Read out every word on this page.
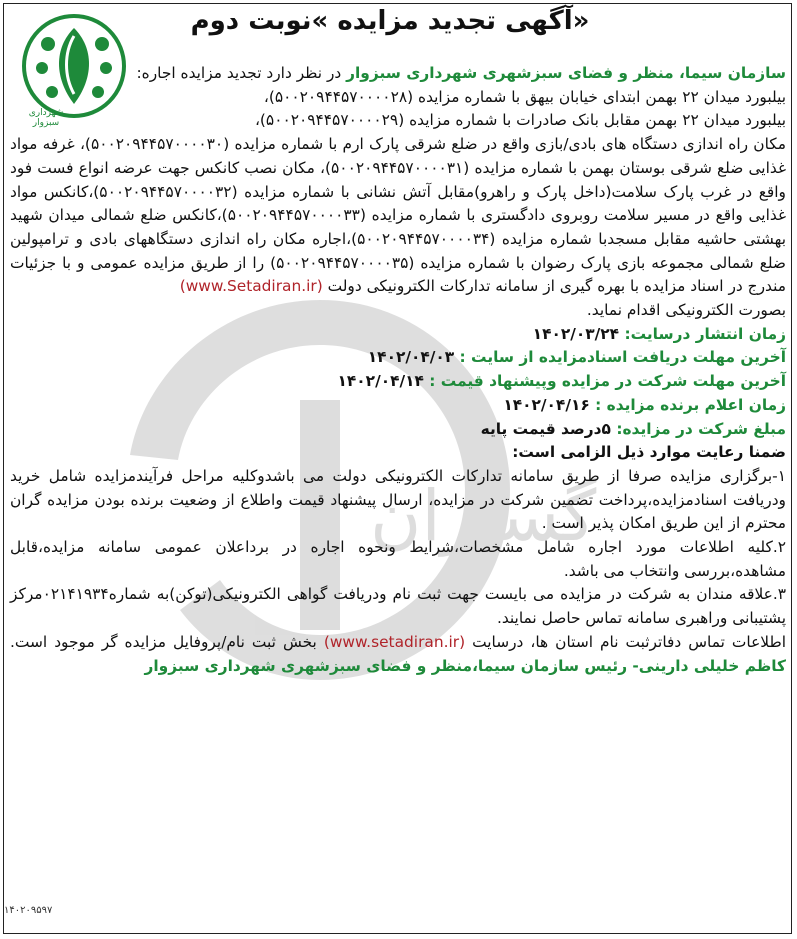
گستران
شهرداری سبزوار
«آگهی تجدید مزایده »نوبت دوم

سازمان سیما، منظر و فضای سبزشهری شهرداری سبزوار در نظر دارد تجدید مزایده اجاره:

بیلبورد میدان ۲۲ بهمن ابتدای خیابان بیهق با شماره مزایده (۵۰۰۲۰۹۴۴۵۷۰۰۰۰۲۸)،

بیلبورد میدان ۲۲ بهمن مقابل بانک صادرات با شماره مزایده (۵۰۰۲۰۹۴۴۵۷۰۰۰۰۲۹)،

مکان راه اندازی دستگاه های بادی/بازی واقع در ضلع شرقی پارک ارم با شماره مزایده (۵۰۰۲۰۹۴۴۵۷۰۰۰۰۳۰)، غرفه مواد غذایی ضلع شرقی بوستان بهمن با شماره مزایده (۵۰۰۲۰۹۴۴۵۷۰۰۰۰۳۱)، مکان نصب کانکس جهت عرضه انواع فست فود واقع در غرب پارک سلامت(داخل پارک و راهرو)مقابل آتش نشانی با شماره مزایده (۵۰۰۲۰۹۴۴۵۷۰۰۰۰۳۲)،کانکس مواد غذایی واقع در مسیر سلامت روبروی دادگستری با شماره مزایده (۵۰۰۲۰۹۴۴۵۷۰۰۰۰۳۳)،کانکس ضلع شمالی میدان شهید بهشتی حاشیه مقابل مسجدبا شماره مزایده (۵۰۰۲۰۹۴۴۵۷۰۰۰۰۳۴)،اجاره مکان راه اندازی دستگاههای بادی و ترامپولین ضلع شمالی مجموعه بازی پارک رضوان با شماره مزایده (۵۰۰۲۰۹۴۴۵۷۰۰۰۰۳۵) را از طریق مزایده عمومی و با جزئیات مندرج در اسناد مزایده با بهره گیری از سامانه تدارکات الکترونیکی دولت (www.Setadiran.ir)

بصورت الکترونیکی اقدام نماید.

زمان انتشار درسایت: ۱۴۰۲/۰۳/۲۴

آخرین مهلت دریافت اسنادمزایده از سایت : ۱۴۰۲/۰۴/۰۳

آخرین مهلت شرکت در مزایده وپیشنهاد قیمت : ۱۴۰۲/۰۴/۱۴

زمان اعلام برنده مزایده : ۱۴۰۲/۰۴/۱۶

مبلغ شرکت در مزایده: ۵درصد قیمت پایه

ضمنا رعایت موارد ذیل الزامی است:

۱-برگزاری مزایده صرفا از طریق سامانه تدارکات الکترونیکی دولت می باشدوکلیه مراحل فرآیندمزایده شامل خرید ودریافت اسنادمزایده،پرداخت تضمین شرکت در مزایده، ارسال پیشنهاد قیمت واطلاع از وضعیت برنده بودن مزایده گران محترم از این طریق امکان پذیر است .

۲.کلیه اطلاعات مورد اجاره شامل مشخصات،شرایط ونحوه اجاره در برداعلان عمومی سامانه مزایده،قابل مشاهده،بررسی وانتخاب می باشد.

۳.علاقه مندان به شرکت در مزایده می بایست جهت ثبت نام ودریافت گواهی الکترونیکی(توکن)به شماره۰۲۱۴۱۹۳۴مرکز پشتیبانی وراهبری سامانه تماس حاصل نمایند.

اطلاعات تماس دفاترثبت نام استان ها، درسایت (www.setadiran.ir) بخش ثبت نام/پروفایل مزایده گر موجود است. کاظم خلیلی دارینی- رئیس سازمان سیما،منظر و فضای سبزشهری شهرداری سبزوار

۱۴۰۲۰۹۵۹۷
